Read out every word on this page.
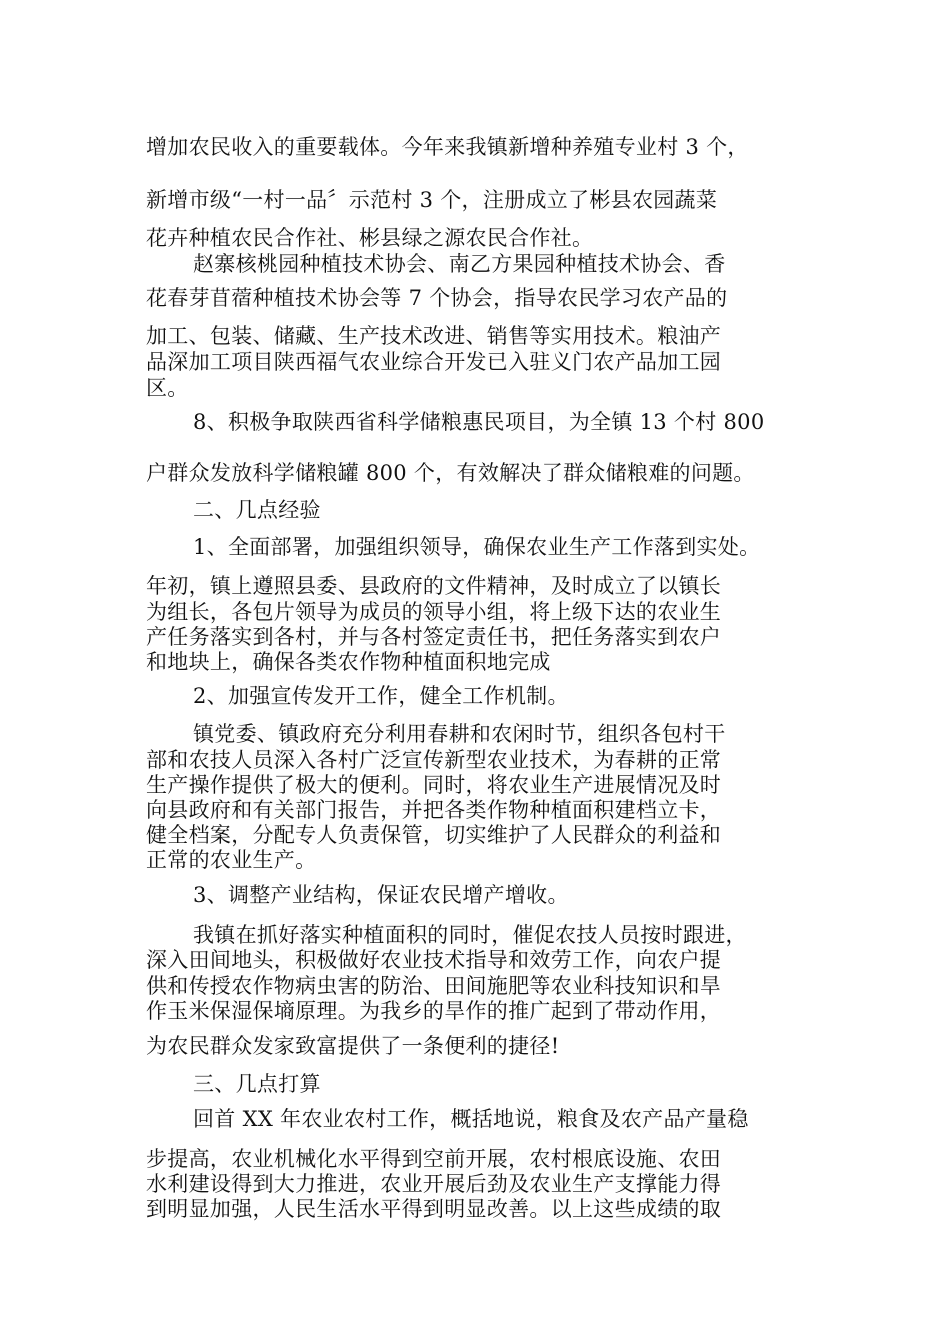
增加农民收入的重要载体。今年来我镇新增种养殖专业村 3 个，
新增市级“一村一品〞示范村 3 个，注册成立了彬县农园蔬菜
花卉种植农民合作社、彬县绿之源农民合作社。
赵寨核桃园种植技术协会、南乙方果园种植技术协会、香
花春芽苜蓿种植技术协会等 7 个协会，指导农民学习农产品的
加工、包装、储藏、生产技术改进、销售等实用技术。粮油产
品深加工项目陕西福气农业综合开发已入驻义门农产品加工园
区。
8、积极争取陕西省科学储粮惠民项目，为全镇 13 个村 800
户群众发放科学储粮罐 800 个，有效解决了群众储粮难的问题。
二、几点经验
1、全面部署，加强组织领导，确保农业生产工作落到实处。
年初，镇上遵照县委、县政府的文件精神，及时成立了以镇长
为组长，各包片领导为成员的领导小组，将上级下达的农业生
产任务落实到各村，并与各村签定责任书，把任务落实到农户
和地块上，确保各类农作物种植面积地完成
2、加强宣传发开工作，健全工作机制。
镇党委、镇政府充分利用春耕和农闲时节，组织各包村干
部和农技人员深入各村广泛宣传新型农业技术，为春耕的正常
生产操作提供了极大的便利。同时，将农业生产进展情况及时
向县政府和有关部门报告，并把各类作物种植面积建档立卡，
健全档案，分配专人负责保管，切实维护了人民群众的利益和
正常的农业生产。
3、调整产业结构，保证农民增产增收。
我镇在抓好落实种植面积的同时，催促农技人员按时跟进，
深入田间地头，积极做好农业技术指导和效劳工作，向农户提
供和传授农作物病虫害的防治、田间施肥等农业科技知识和旱
作玉米保湿保墒原理。为我乡的旱作的推广起到了带动作用，
为农民群众发家致富提供了一条便利的捷径!
三、几点打算
回首 XX 年农业农村工作，概括地说，粮食及农产品产量稳
步提高，农业机械化水平得到空前开展，农村根底设施、农田
水利建设得到大力推进，农业开展后劲及农业生产支撑能力得
到明显加强，人民生活水平得到明显改善。以上这些成绩的取
